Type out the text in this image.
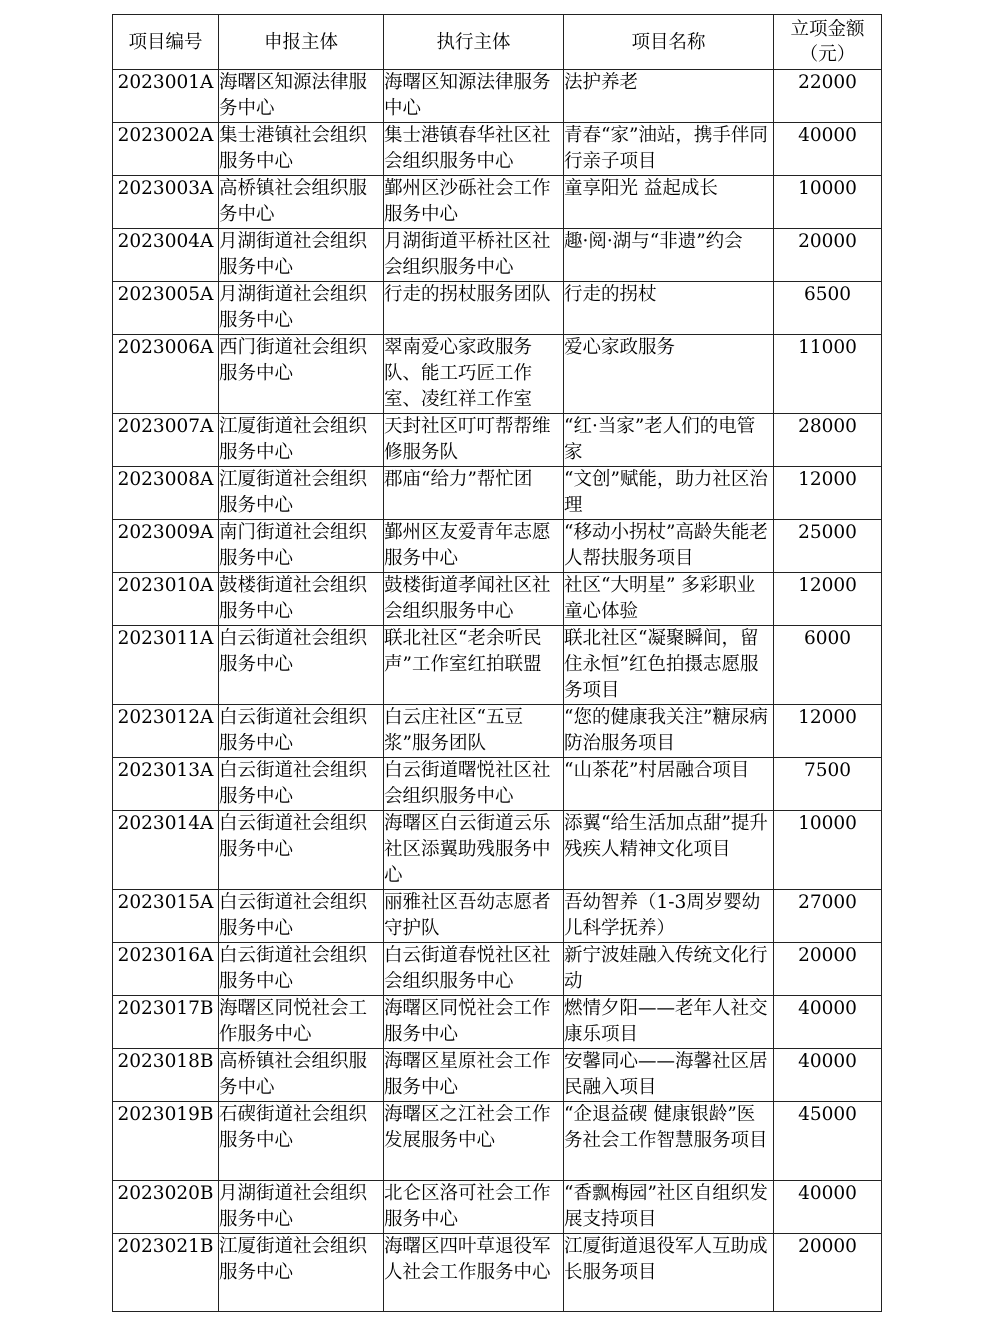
项目编号	申报主体	执行主体	项目名称	立项金额（元）
2023001A	海曙区知源法律服务中心	海曙区知源法律服务中心	法护养老	22000
2023002A	集士港镇社会组织服务中心	集士港镇春华社区社会组织服务中心	青春“家”油站，携手伴同行亲子项目	40000
2023003A	高桥镇社会组织服务中心	鄞州区沙砾社会工作服务中心	童享阳光 益起成长	10000
2023004A	月湖街道社会组织服务中心	月湖街道平桥社区社会组织服务中心	趣·阅·湖与“非遗”约会	20000
2023005A	月湖街道社会组织服务中心	行走的拐杖服务团队	行走的拐杖	6500
2023006A	西门街道社会组织服务中心	翠南爱心家政服务队、能工巧匠工作室、凌红祥工作室	爱心家政服务	11000
2023007A	江厦街道社会组织服务中心	天封社区叮叮帮帮维修服务队	“红·当家”老人们的电管家	28000
2023008A	江厦街道社会组织服务中心	郡庙“给力”帮忙团	“文创”赋能，助力社区治理	12000
2023009A	南门街道社会组织服务中心	鄞州区友爱青年志愿服务中心	“移动小拐杖”高龄失能老人帮扶服务项目	25000
2023010A	鼓楼街道社会组织服务中心	鼓楼街道孝闻社区社会组织服务中心	社区“大明星” 多彩职业童心体验	12000
2023011A	白云街道社会组织服务中心	联北社区“老余听民声”工作室红拍联盟	联北社区“凝聚瞬间，留住永恒”红色拍摄志愿服务项目	6000
2023012A	白云街道社会组织服务中心	白云庄社区“五豆浆”服务团队	“您的健康我关注”糖尿病防治服务项目	12000
2023013A	白云街道社会组织服务中心	白云街道曙悦社区社会组织服务中心	“山茶花”村居融合项目	7500
2023014A	白云街道社会组织服务中心	海曙区白云街道云乐社区添翼助残服务中心	添翼“给生活加点甜”提升残疾人精神文化项目	10000
2023015A	白云街道社会组织服务中心	丽雅社区吾幼志愿者守护队	吾幼智养（1-3周岁婴幼儿科学抚养）	27000
2023016A	白云街道社会组织服务中心	白云街道春悦社区社会组织服务中心	新宁波娃融入传统文化行动	20000
2023017B	海曙区同悦社会工作服务中心	海曙区同悦社会工作服务中心	燃情夕阳——老年人社交康乐项目	40000
2023018B	高桥镇社会组织服务中心	海曙区星原社会工作服务中心	安馨同心——海馨社区居民融入项目	40000
2023019B	石碶街道社会组织服务中心	海曙区之江社会工作发展服务中心	“企退益碶 健康银龄”医务社会工作智慧服务项目	45000
2023020B	月湖街道社会组织服务中心	北仑区洛可社会工作服务中心	“香飘梅园”社区自组织发展支持项目	40000
2023021B	江厦街道社会组织服务中心	海曙区四叶草退役军人社会工作服务中心	江厦街道退役军人互助成长服务项目	20000
